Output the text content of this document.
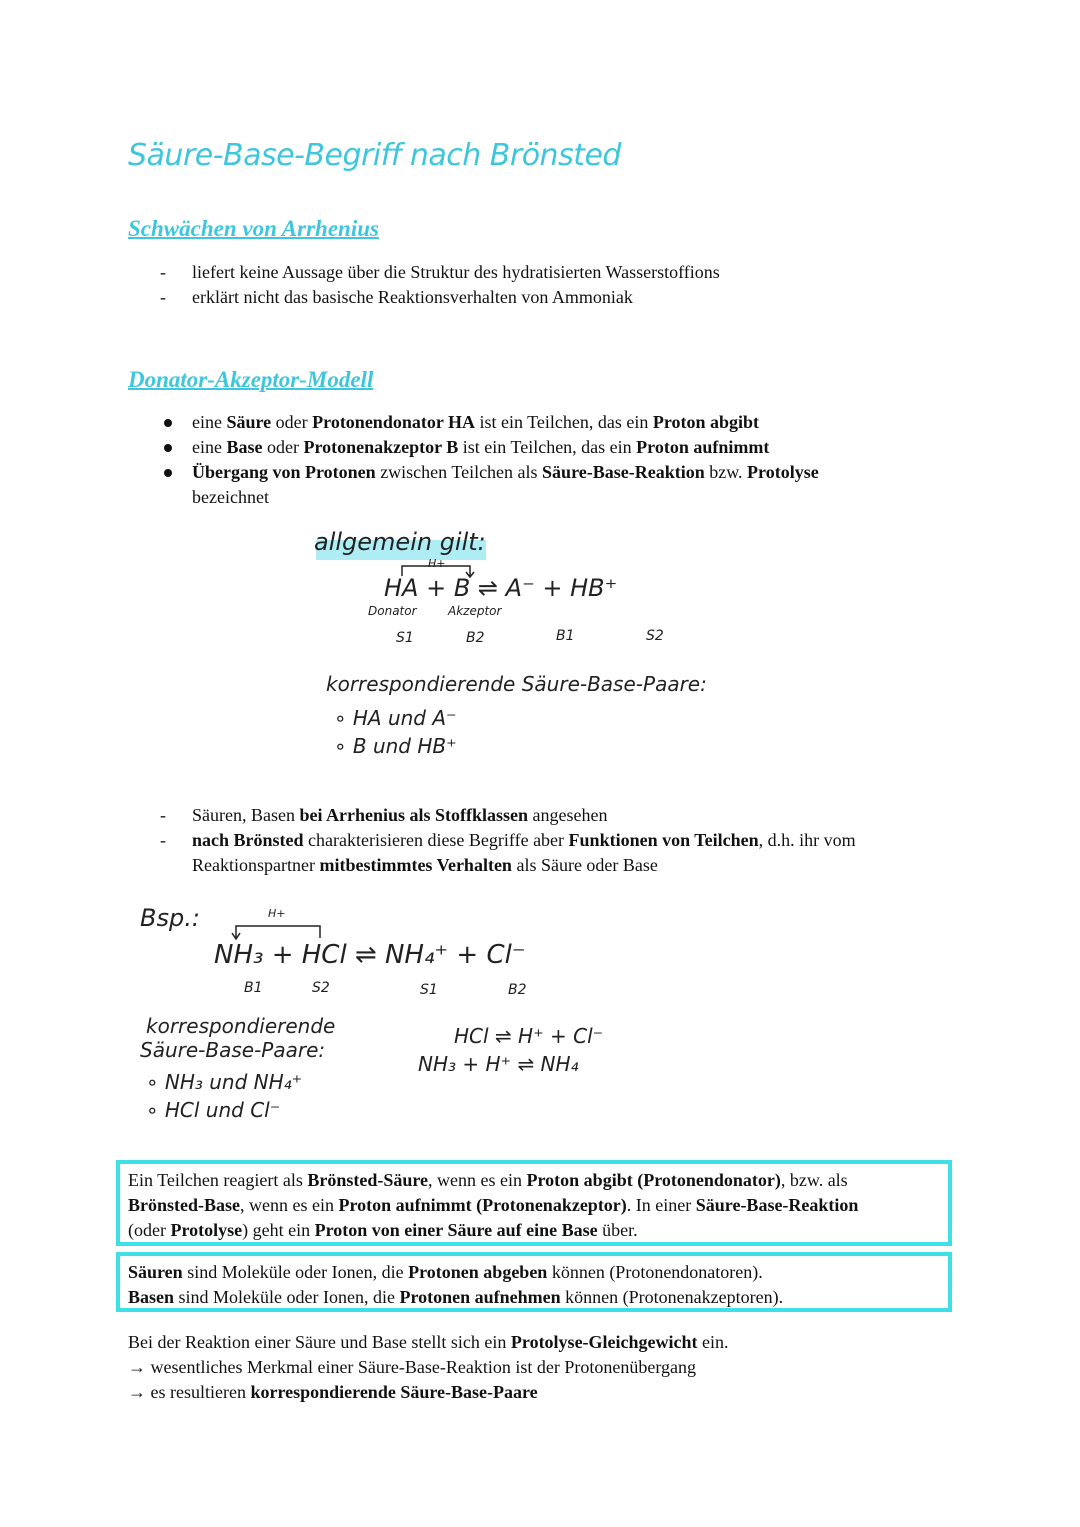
Säure-Base-Begriff nach Brönsted
Schwächen von Arrhenius
- liefert keine Aussage über die Struktur des hydratisierten Wasserstoffions
- erklärt nicht das basische Reaktionsverhalten von Ammoniak
Donator-Akzeptor-Modell
eine Säure oder Protonendonator HA ist ein Teilchen, das ein Proton abgibt
eine Base oder Protonenakzeptor B ist ein Teilchen, das ein Proton aufnimmt
Übergang von Protonen zwischen Teilchen als Säure-Base-Reaktion bzw. Protolyse
bezeichnet
allgemein gilt:
H+
HA + B ⇌ A⁻ + HB⁺
Donator	Akzeptor
S1	B2	B1	S2
korrespondierende Säure-Base-Paare:
∘ HA und A⁻
∘ B und HB⁺
- Säuren, Basen bei Arrhenius als Stoffklassen angesehen
- nach Brönsted charakterisieren diese Begriffe aber Funktionen von Teilchen, d.h. ihr vom
Reaktionspartner mitbestimmtes Verhalten als Säure oder Base
Bsp.:	H+
NH₃ + HCl ⇌ NH₄⁺ + Cl⁻
B1	S2	S1	B2
korrespondierende
Säure-Base-Paare:
∘ NH₃ und NH₄⁺
∘ HCl und Cl⁻
HCl ⇌ H⁺ + Cl⁻
NH₃ + H⁺ ⇌ NH₄

Ein Teilchen reagiert als Brönsted-Säure, wenn es ein Proton abgibt (Protonendonator), bzw. als
Brönsted-Base, wenn es ein Proton aufnimmt (Protonenakzeptor). In einer Säure-Base-Reaktion
(oder Protolyse) geht ein Proton von einer Säure auf eine Base über.

Säuren sind Moleküle oder Ionen, die Protonen abgeben können (Protonendonatoren).

Basen sind Moleküle oder Ionen, die Protonen aufnehmen können (Protonenakzeptoren).

Bei der Reaktion einer Säure und Base stellt sich ein Protolyse-Gleichgewicht ein.

→ wesentliches Merkmal einer Säure-Base-Reaktion ist der Protonenübergang

→ es resultieren korrespondierende Säure-Base-Paare
